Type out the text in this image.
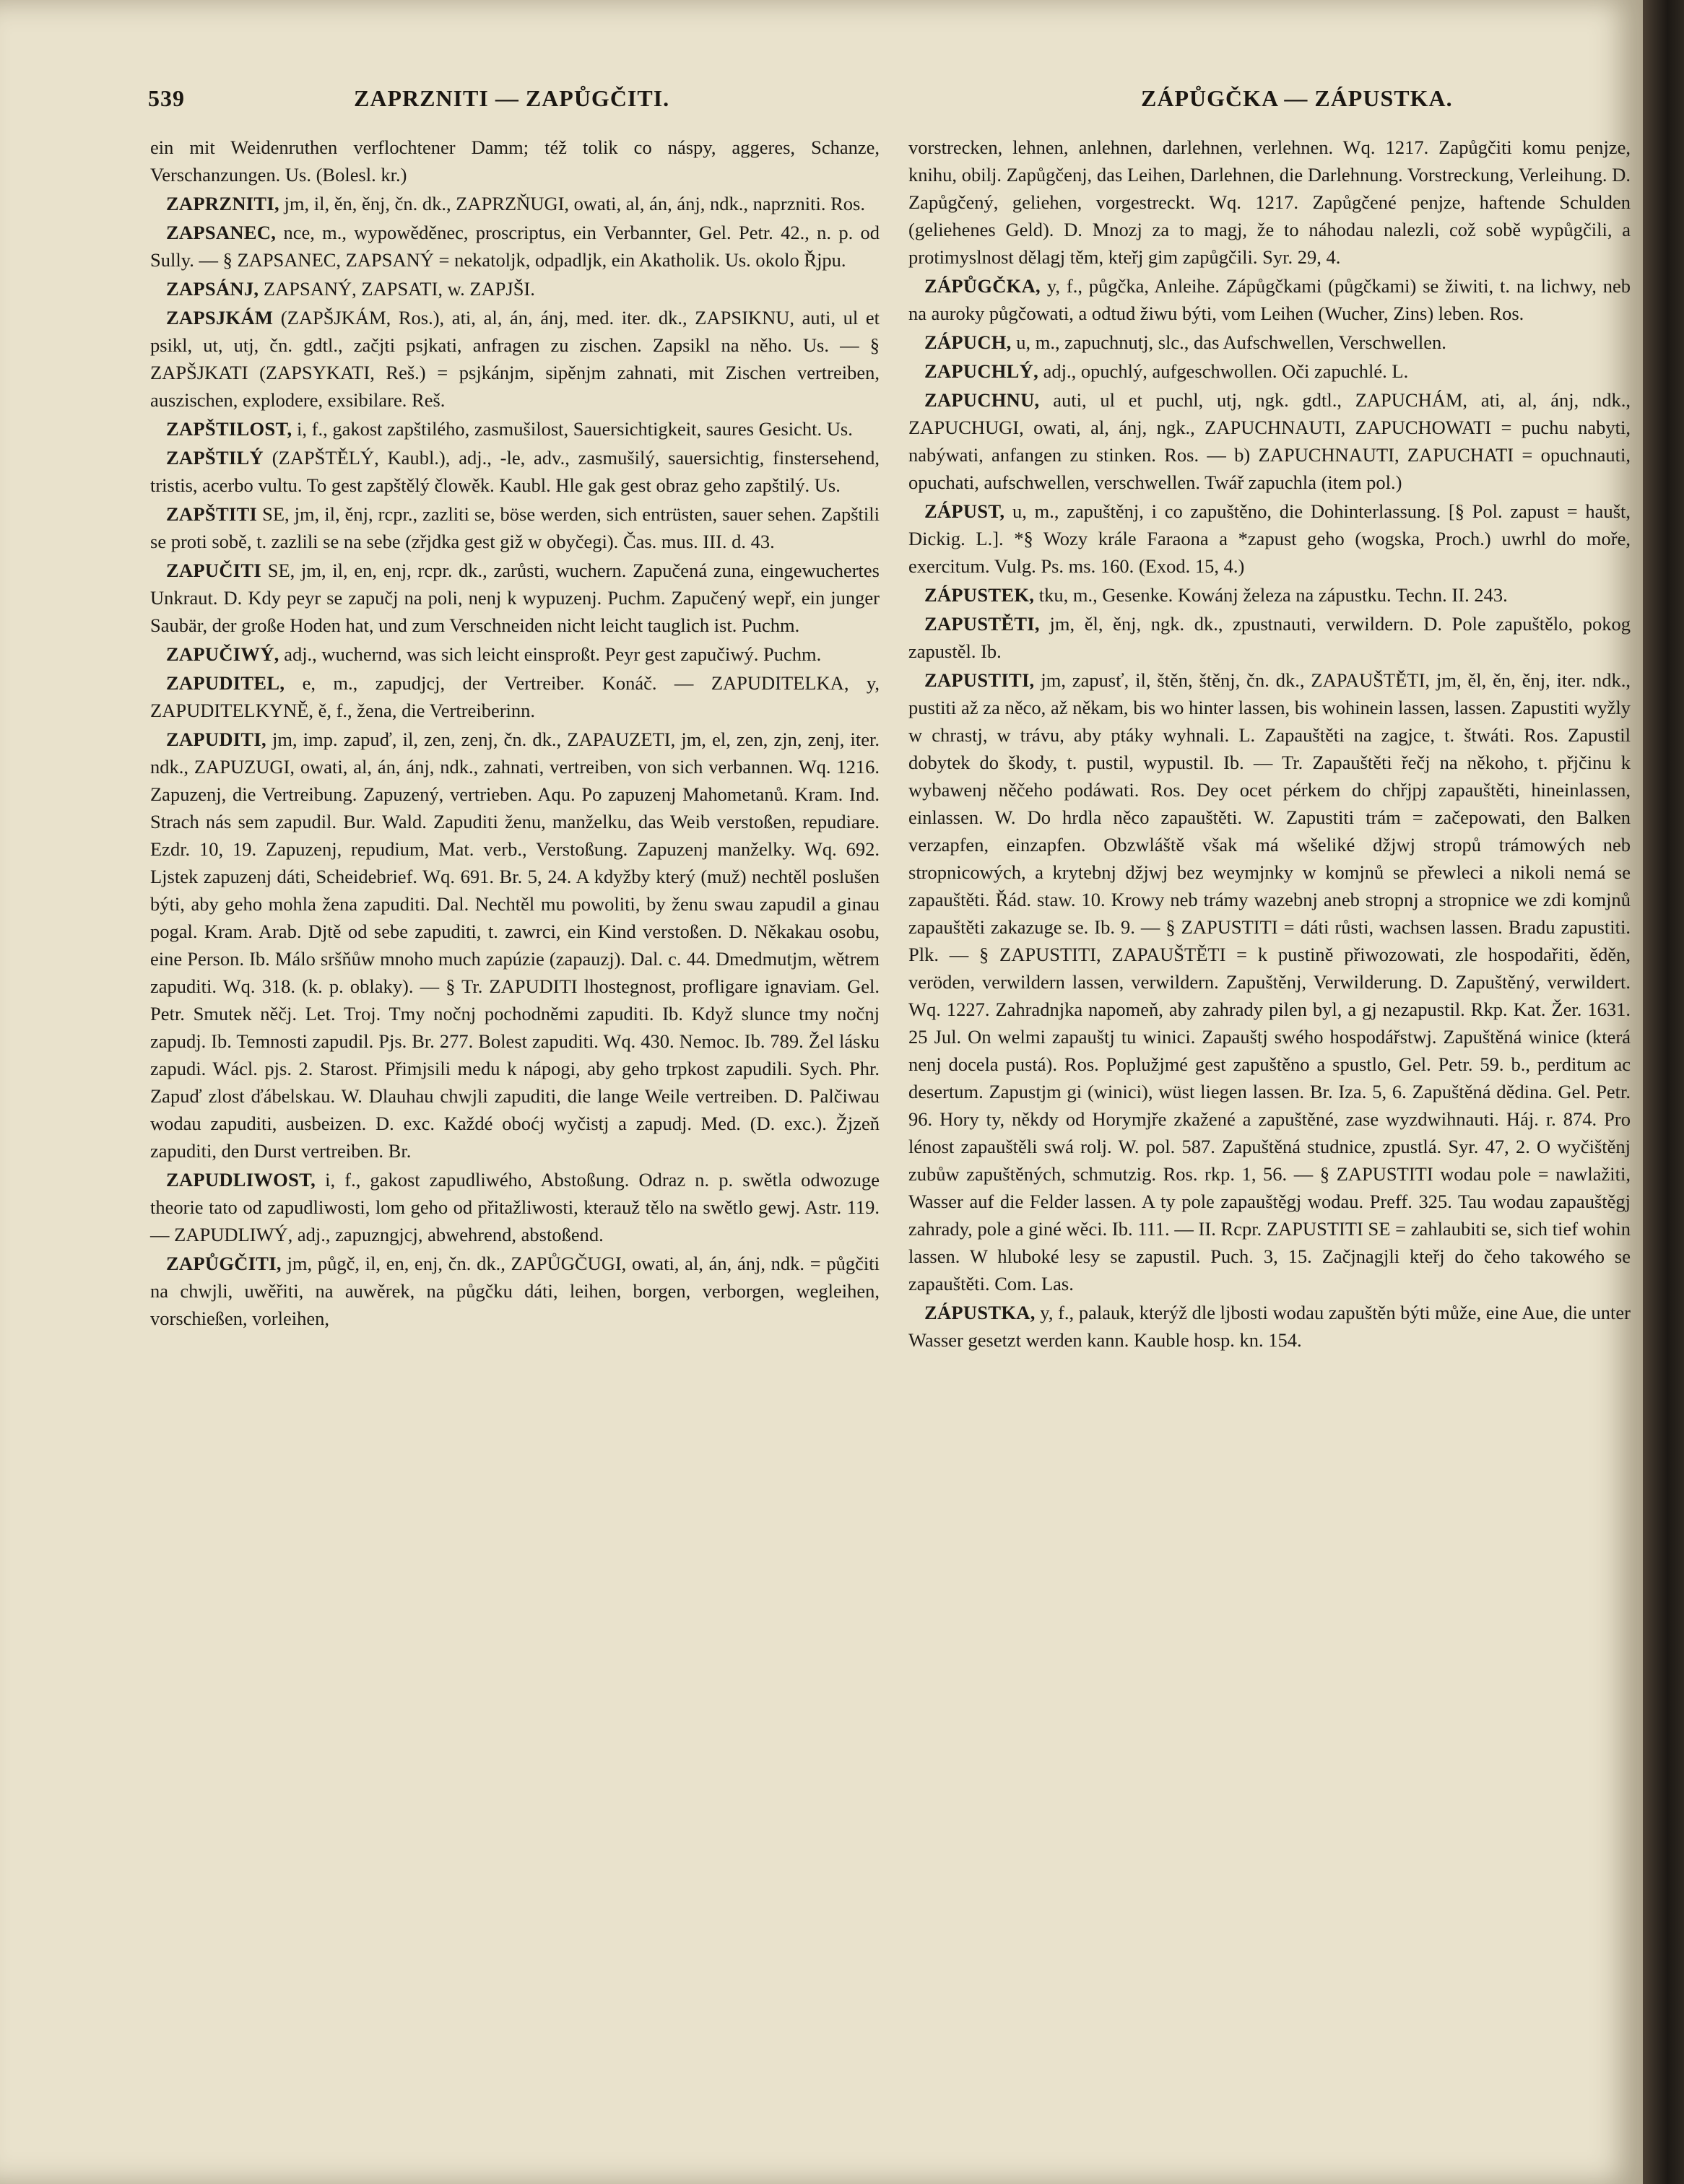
539	ZAPRZNITI — ZAPŮGČITI.	ZÁPŮGČKA — ZÁPUSTKA.

ein mit Weidenruthen verflochtener Damm; též tolik co náspy, aggeres, Schanze, Verschanzungen. Us. (Bolesl. kr.)

ZAPRZNITI, jm, il, ěn, ěnj, čn. dk., ZAPRZŇUGI, owati, al, án, ánj, ndk., naprzniti. Ros.

ZAPSANEC, nce, m., wypowěděnec, proscriptus, ein Verbannter, Gel. Petr. 42., n. p. od Sully. — § ZAPSANEC, ZAPSANÝ = nekatoljk, odpadljk, ein Akatholik. Us. okolo Řjpu.

ZAPSÁNJ, ZAPSANÝ, ZAPSATI, w. ZAPJŠI.

ZAPSJKÁM (ZAPŠJKÁM, Ros.), ati, al, án, ánj, med. iter. dk., ZAPSIKNU, auti, ul et psikl, ut, utj, čn. gdtl., začjti psjkati, anfragen zu zischen. Zapsikl na něho. Us. — § ZAPŠJKATI (ZAPSYKATI, Reš.) = psjkánjm, sipěnjm zahnati, mit Zischen vertreiben, auszischen, explodere, exsibilare. Reš.

ZAPŠTILOST, i, f., gakost zapštilého, zasmušilost, Sauersichtigkeit, saures Gesicht. Us.

ZAPŠTILÝ (ZAPŠTĚLÝ, Kaubl.), adj., -le, adv., zasmušilý, sauersichtig, finstersehend, tristis, acerbo vultu. To gest zapštělý člowěk. Kaubl. Hle gak gest obraz geho zapštilý. Us.

ZAPŠTITI SE, jm, il, ěnj, rcpr., zazliti se, böse werden, sich entrüsten, sauer sehen. Zapštili se proti sobě, t. zazlili se na sebe (zřjdka gest giž w obyčegi). Čas. mus. III. d. 43.

ZAPUČITI SE, jm, il, en, enj, rcpr. dk., zarůsti, wuchern. Zapučená zuna, eingewuchertes Unkraut. D. Kdy peyr se zapučj na poli, nenj k wypuzenj. Puchm. Zapučený wepř, ein junger Saubär, der große Hoden hat, und zum Verschneiden nicht leicht tauglich ist. Puchm.

ZAPUČIWÝ, adj., wuchernd, was sich leicht einsproßt. Peyr gest zapučiwý. Puchm.

ZAPUDITEL, e, m., zapudjcj, der Vertreiber. Konáč. — ZAPUDITELKA, y, ZAPUDITELKYNĚ, ě, f., žena, die Vertreiberinn.

ZAPUDITI, jm, imp. zapuď, il, zen, zenj, čn. dk., ZAPAUZETI, jm, el, zen, zjn, zenj, iter. ndk., ZAPUZUGI, owati, al, án, ánj, ndk., zahnati, vertreiben, von sich verbannen. Wq. 1216. Zapuzenj, die Vertreibung. Zapuzený, vertrieben. Aqu. Po zapuzenj Mahometanů. Kram. Ind. Strach nás sem zapudil. Bur. Wald. Zapuditi ženu, manželku, das Weib verstoßen, repudiare. Ezdr. 10, 19. Zapuzenj, repudium, Mat. verb., Verstoßung. Zapuzenj manželky. Wq. 692. Ljstek zapuzenj dáti, Scheidebrief. Wq. 691. Br. 5, 24. A kdyžby který (muž) nechtěl poslušen býti, aby geho mohla žena zapuditi. Dal. Nechtěl mu powoliti, by ženu swau zapudil a ginau pogal. Kram. Arab. Djtě od sebe zapuditi, t. zawrci, ein Kind verstoßen. D. Někakau osobu, eine Person. Ib. Málo sršňůw mnoho much zapúzie (zapauzj). Dal. c. 44. Dmedmutjm, wětrem zapuditi. Wq. 318. (k. p. oblaky). — § Tr. ZAPUDITI lhostegnost, profligare ignaviam. Gel. Petr. Smutek něčj. Let. Troj. Tmy nočnj pochodněmi zapuditi. Ib. Když slunce tmy nočnj zapudj. Ib. Temnosti zapudil. Pjs. Br. 277. Bolest zapuditi. Wq. 430. Nemoc. Ib. 789. Žel lásku zapudi. Wácl. pjs. 2. Starost. Přimjsili medu k nápogi, aby geho trpkost zapudili. Sych. Phr. Zapuď zlost ďábelskau. W. Dlauhau chwjli zapuditi, die lange Weile vertreiben. D. Palčiwau wodau zapuditi, ausbeizen. D. exc. Každé oboćj wyčistj a zapudj. Med. (D. exc.). Žjzeň zapuditi, den Durst vertreiben. Br.

ZAPUDLIWOST, i, f., gakost zapudliwého, Abstoßung. Odraz n. p. swětla odwozuge theorie tato od zapudliwosti, lom geho od přitažliwosti, kterauž tělo na swětlo gewj. Astr. 119. — ZAPUDLIWÝ, adj., zapuzngjcj, abwehrend, abstoßend.

ZAPŮGČITI, jm, půgč, il, en, enj, čn. dk., ZAPŮGČUGI, owati, al, án, ánj, ndk. = půgčiti na chwjli, uwěřiti, na auwěrek, na půgčku dáti, leihen, borgen, verborgen, wegleihen, vorschießen, vorleihen,

vorstrecken, lehnen, anlehnen, darlehnen, verlehnen. Wq. 1217. Zapůgčiti komu penjze, knihu, obilj. Zapůgčenj, das Leihen, Darlehnen, die Darlehnung. Vorstreckung, Verleihung. D. Zapůgčený, geliehen, vorgestreckt. Wq. 1217. Zapůgčené penjze, haftende Schulden (geliehenes Geld). D. Mnozj za to magj, že to náhodau nalezli, což sobě wypůgčili, a protimyslnost dělagj těm, kteřj gim zapůgčili. Syr. 29, 4.

ZÁPŮGČKA, y, f., půgčka, Anleihe. Zápůgčkami (půgčkami) se žiwiti, t. na lichwy, neb na auroky půgčowati, a odtud žiwu býti, vom Leihen (Wucher, Zins) leben. Ros.

ZÁPUCH, u, m., zapuchnutj, slc., das Aufschwellen, Verschwellen.

ZAPUCHLÝ, adj., opuchlý, aufgeschwollen. Oči zapuchlé. L.

ZAPUCHNU, auti, ul et puchl, utj, ngk. gdtl., ZAPUCHÁM, ati, al, ánj, ndk., ZAPUCHUGI, owati, al, ánj, ngk., ZAPUCHNAUTI, ZAPUCHOWATI = puchu nabyti, nabýwati, anfangen zu stinken. Ros. — b) ZAPUCHNAUTI, ZAPUCHATI = opuchnauti, opuchati, aufschwellen, verschwellen. Twář zapuchla (item pol.)

ZÁPUST, u, m., zapuštěnj, i co zapuštěno, die Dohinterlassung. [§ Pol. zapust = haušt, Dickig. L.]. *§ Wozy krále Faraona a *zapust geho (wogska, Proch.) uwrhl do moře, exercitum. Vulg. Ps. ms. 160. (Exod. 15, 4.)

ZÁPUSTEK, tku, m., Gesenke. Kowánj železa na zápustku. Techn. II. 243.

ZAPUSTĚTI, jm, ěl, ěnj, ngk. dk., zpustnauti, verwildern. D. Pole zapuštělo, pokog zapustěl. Ib.

ZAPUSTITI, jm, zapusť, il, štěn, štěnj, čn. dk., ZAPAUŠTĚTI, jm, ěl, ěn, ěnj, iter. ndk., pustiti až za něco, až někam, bis wo hinter lassen, bis wohinein lassen, lassen. Zapustiti wyžly w chrastj, w trávu, aby ptáky wyhnali. L. Zapauštěti na zagjce, t. štwáti. Ros. Zapustil dobytek do škody, t. pustil, wypustil. Ib. — Tr. Zapauštěti řečj na někoho, t. přjčinu k wybawenj něčeho podáwati. Ros. Dey ocet pérkem do chřjpj zapauštěti, hineinlassen, einlassen. W. Do hrdla něco zapauštěti. W. Zapustiti trám = začepowati, den Balken verzapfen, einzapfen. Obzwláště však má wšeliké džjwj stropů trámowých neb stropnicowých, a krytebnj džjwj bez weymjnky w komjnů se přewleci a nikoli nemá se zapauštěti. Řád. staw. 10. Krowy neb trámy wazebnj aneb stropnj a stropnice we zdi komjnů zapauštěti zakazuge se. Ib. 9. — § ZAPUSTITI = dáti růsti, wachsen lassen. Bradu zapustiti. Plk. — § ZAPUSTITI, ZAPAUŠTĚTI = k pustině přiwozowati, zle hospodařiti, ěděn, veröden, verwildern lassen, verwildern. Zapuštěnj, Verwilderung. D. Zapuštěný, verwildert. Wq. 1227. Zahradnjka napomeň, aby zahrady pilen byl, a gj nezapustil. Rkp. Kat. Žer. 1631. 25 Jul. On welmi zapauštj tu winici. Zapauštj swého hospodářstwj. Zapuštěná winice (která nenj docela pustá). Ros. Poplužjmé gest zapuštěno a spustlo, Gel. Petr. 59. b., perditum ac desertum. Zapustjm gi (winici), wüst liegen lassen. Br. Iza. 5, 6. Zapuštěná dědina. Gel. Petr. 96. Hory ty, někdy od Horymjře zkažené a zapuštěné, zase wyzdwihnauti. Háj. r. 874. Pro lénost zapauštěli swá rolj. W. pol. 587. Zapuštěná studnice, zpustlá. Syr. 47, 2. O wyčištěnj zubůw zapuštěných, schmutzig. Ros. rkp. 1, 56. — § ZAPUSTITI wodau pole = nawlažiti, Wasser auf die Felder lassen. A ty pole zapauštěgj wodau. Preff. 325. Tau wodau zapauštěgj zahrady, pole a giné wěci. Ib. 111. — II. Rcpr. ZAPUSTITI SE = zahlaubiti se, sich tief wohin lassen. W hluboké lesy se zapustil. Puch. 3, 15. Začjnagjli kteřj do čeho takowého se zapauštěti. Com. Las.

ZÁPUSTKA, y, f., palauk, kterýž dle ljbosti wodau zapuštěn býti může, eine Aue, die unter Wasser gesetzt werden kann. Kauble hosp. kn. 154.
